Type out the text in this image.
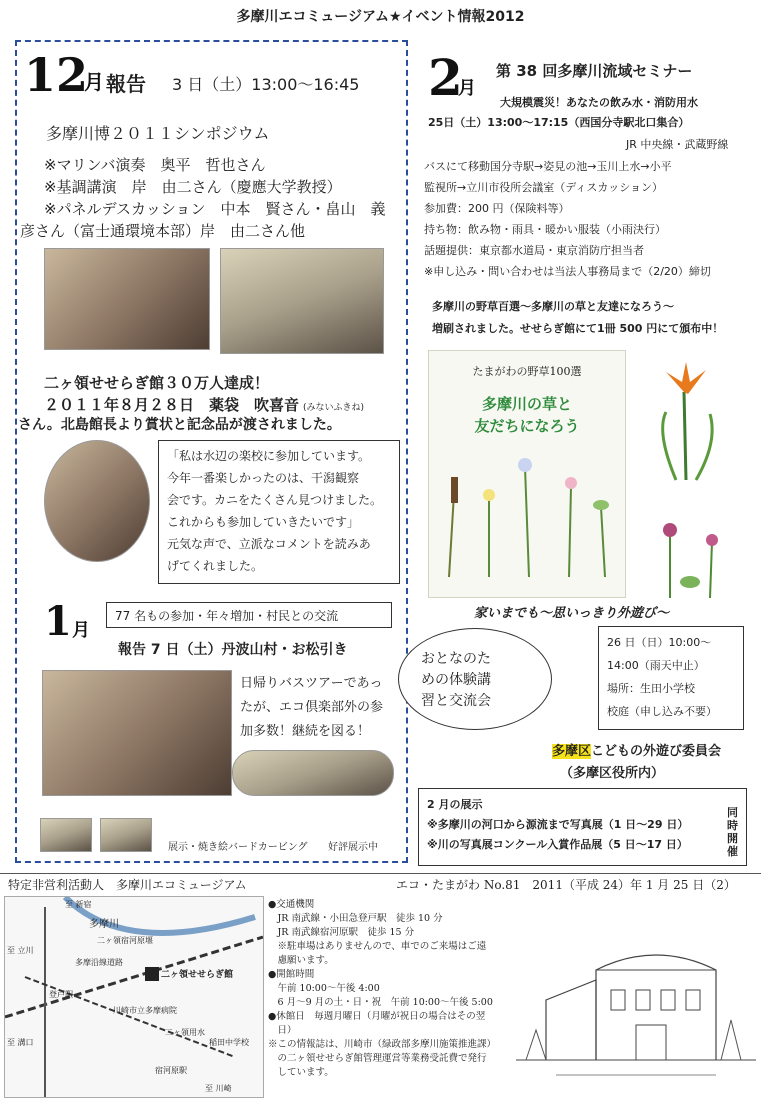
多摩川エコミュージアム★イベント情報2012
12
月 報告 3 日（土）13:00〜16:45
多摩川博２０１１シンポジウム
※マリンバ演奏　奥平　哲也さん
※基調講演　岸　由二さん（慶應大学教授）
※パネルデスカッション　中本　賢さん・畠山　義
彦さん（富士通環境本部）岸　由二さん他
二ヶ領せせらぎ館３０万人達成！
２０１１年８月２８日　薬袋　吹喜音 (みないふきね)
さん。北島館長より賞状と記念品が渡されました。
「私は水辺の楽校に参加しています。
今年一番楽しかったのは、干潟観察
会です。カニをたくさん見つけました。
これからも参加していきたいです」
元気な声で、立派なコメントを読みあ
げてくれました。
1 月
77 名もの参加・年々増加・村民との交流
報告 7 日（土）丹波山村・お松引き
日帰りバスツアーであっ
たが、エコ倶楽部外の参
加多数！継続を図る！
展示・焼き絵バードカービング 好評展示中
2
月
第 38 回多摩川流域セミナー
大規模震災！あなたの飲み水・消防用水
25日（土）13:00〜17:15（西国分寺駅北口集合）
JR 中央線・武蔵野線
バスにて移動国分寺駅→姿見の池→玉川上水→小平
監視所→立川市役所会議室（ディスカッション）
参加費：200 円（保険料等）
持ち物：飲み物・雨具・暖かい服装（小雨決行）
話題提供：東京都水道局・東京消防庁担当者
※申し込み・問い合わせは当法人事務局まで（2/20）締切
多摩川の野草百選〜多摩川の草と友達になろう〜
増刷されました。せせらぎ館にて1冊 500 円にて頒布中！
たまがわの野草100選
多摩川の草と
友だちになろう
家いまでも〜思いっきり外遊び〜
おとなのた
めの体験講
習と交流会
26 日（日）10:00〜
14:00（雨天中止）
場所：生田小学校
校庭（申し込み不要）
多摩区こどもの外遊び委員会
（多摩区役所内）
2 月の展示
※多摩川の河口から源流まで写真展（1 日〜29 日）
※川の写真展コンクール入賞作品展（5 日〜17 日）
同時開催
特定非営利活動人　多摩川エコミュージアム	エコ・たまがわ No.81　2011（平成 24）年 1 月 25 日（2）
至 新宿
多摩川
二ヶ領宿河原堰
至 立川
多摩沿線道路
登戸駅
川崎市立多摩病院
二ヶ領せせらぎ館
二ヶ領用水
稲田中学校
宿河原駅
至 溝口
至 川崎
●交通機関
　JR 南武線・小田急登戸駅　徒歩 10 分
　JR 南武線宿河原駅　徒歩 15 分
　※駐車場はありませんので、車でのご来場はご遠
　慮願います。
●開館時間
　午前 10:00〜午後 4:00
　6 月〜9 月の土・日・祝　午前 10:00〜午後 5:00
●休館日　毎週月曜日（月曜が祝日の場合はその翌
　日）
※この情報誌は、川崎市（緑政部多摩川施策推進課）
　の二ヶ領せせらぎ館管理運営等業務受託費で発行
　しています。
